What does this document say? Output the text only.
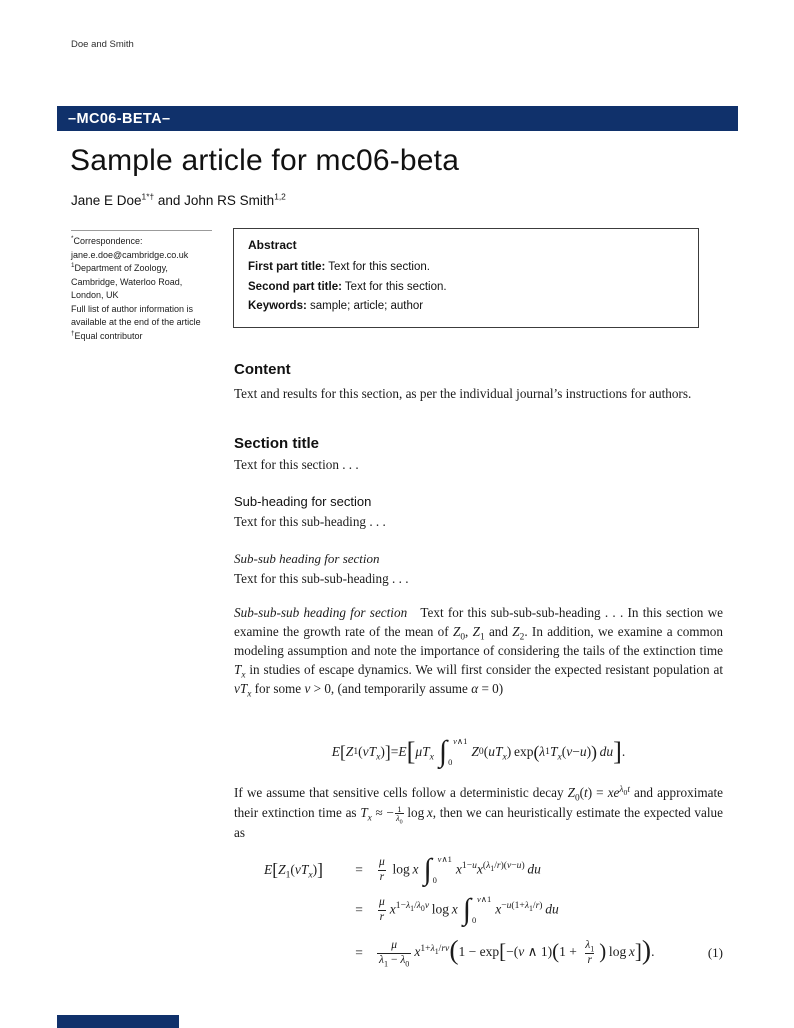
Doe and Smith
–MC06-BETA–
Sample article for mc06-beta
Jane E Doe$^{1*\dagger}$ and John RS Smith$^{1,2}$

*Correspondence:
jane.e.doe@cambridge.co.uk

$^1$Department of Zoology,
Cambridge, Waterloo Road,
London, UK

Full list of author information is
available at the end of the article

†Equal contributor

Abstract

First part title: Text for this section.

Second part title: Text for this section.

Keywords: sample; article; author

Content

Text and results for this section, as per the individual journal’s instructions for authors.

Section title

Text for this section . . .

Sub-heading for section

Text for this sub-heading . . .

Sub-sub heading for section

Text for this sub-sub-heading . . .

Sub-sub-sub heading for section Text for this sub-sub-sub-heading . . . In this section we examine the growth rate of the mean of $Z_0$, $Z_1$ and $Z_2$. In addition, we examine a common modeling assumption and note the importance of considering the tails of the extinction time $T_x$ in studies of escape dynamics. We will first consider the expected resistant population at $vT_x$ for some v > 0, (and temporarily assume α = 0)

E [ Z 1 ( $vT_x$ ) ] = E [ $\mu T_x$ ∫ v∧1
0
Z 0 ( $uT_x$ ) exp ( λ 1 $T_x$ ( v − u ) )
  du ] .

If we assume that sensitive cells follow a deterministic decay $Z_0(t) = xe^{\lambda_0t}$ and approximate their extinction time as $T_x$ ≈ − $\frac{1}{\lambda_0}$  log x, then we can heuristically estimate the expected value as

$E[Z_1(vT_x)]$	=	$\frac{\mu}{r}$  log x ∫ v∧1
0
$x^{1-u}x^{(\lambda_1/r)(v-u)}$  du
=	$\frac{\mu}{r} x^{1-\lambda_1/\lambda_0v}$ log x ∫ v∧1
0
$x^{-u(1+\lambda_1/r)}$  du
=	$\frac{\mu}{\lambda_1 - \lambda_0} x^{1+\lambda_1/rv}(1 - \exp[-(v$ ∧ $1)(1 + \frac{\lambda_1}{r}$ ) log x]).	(1)
